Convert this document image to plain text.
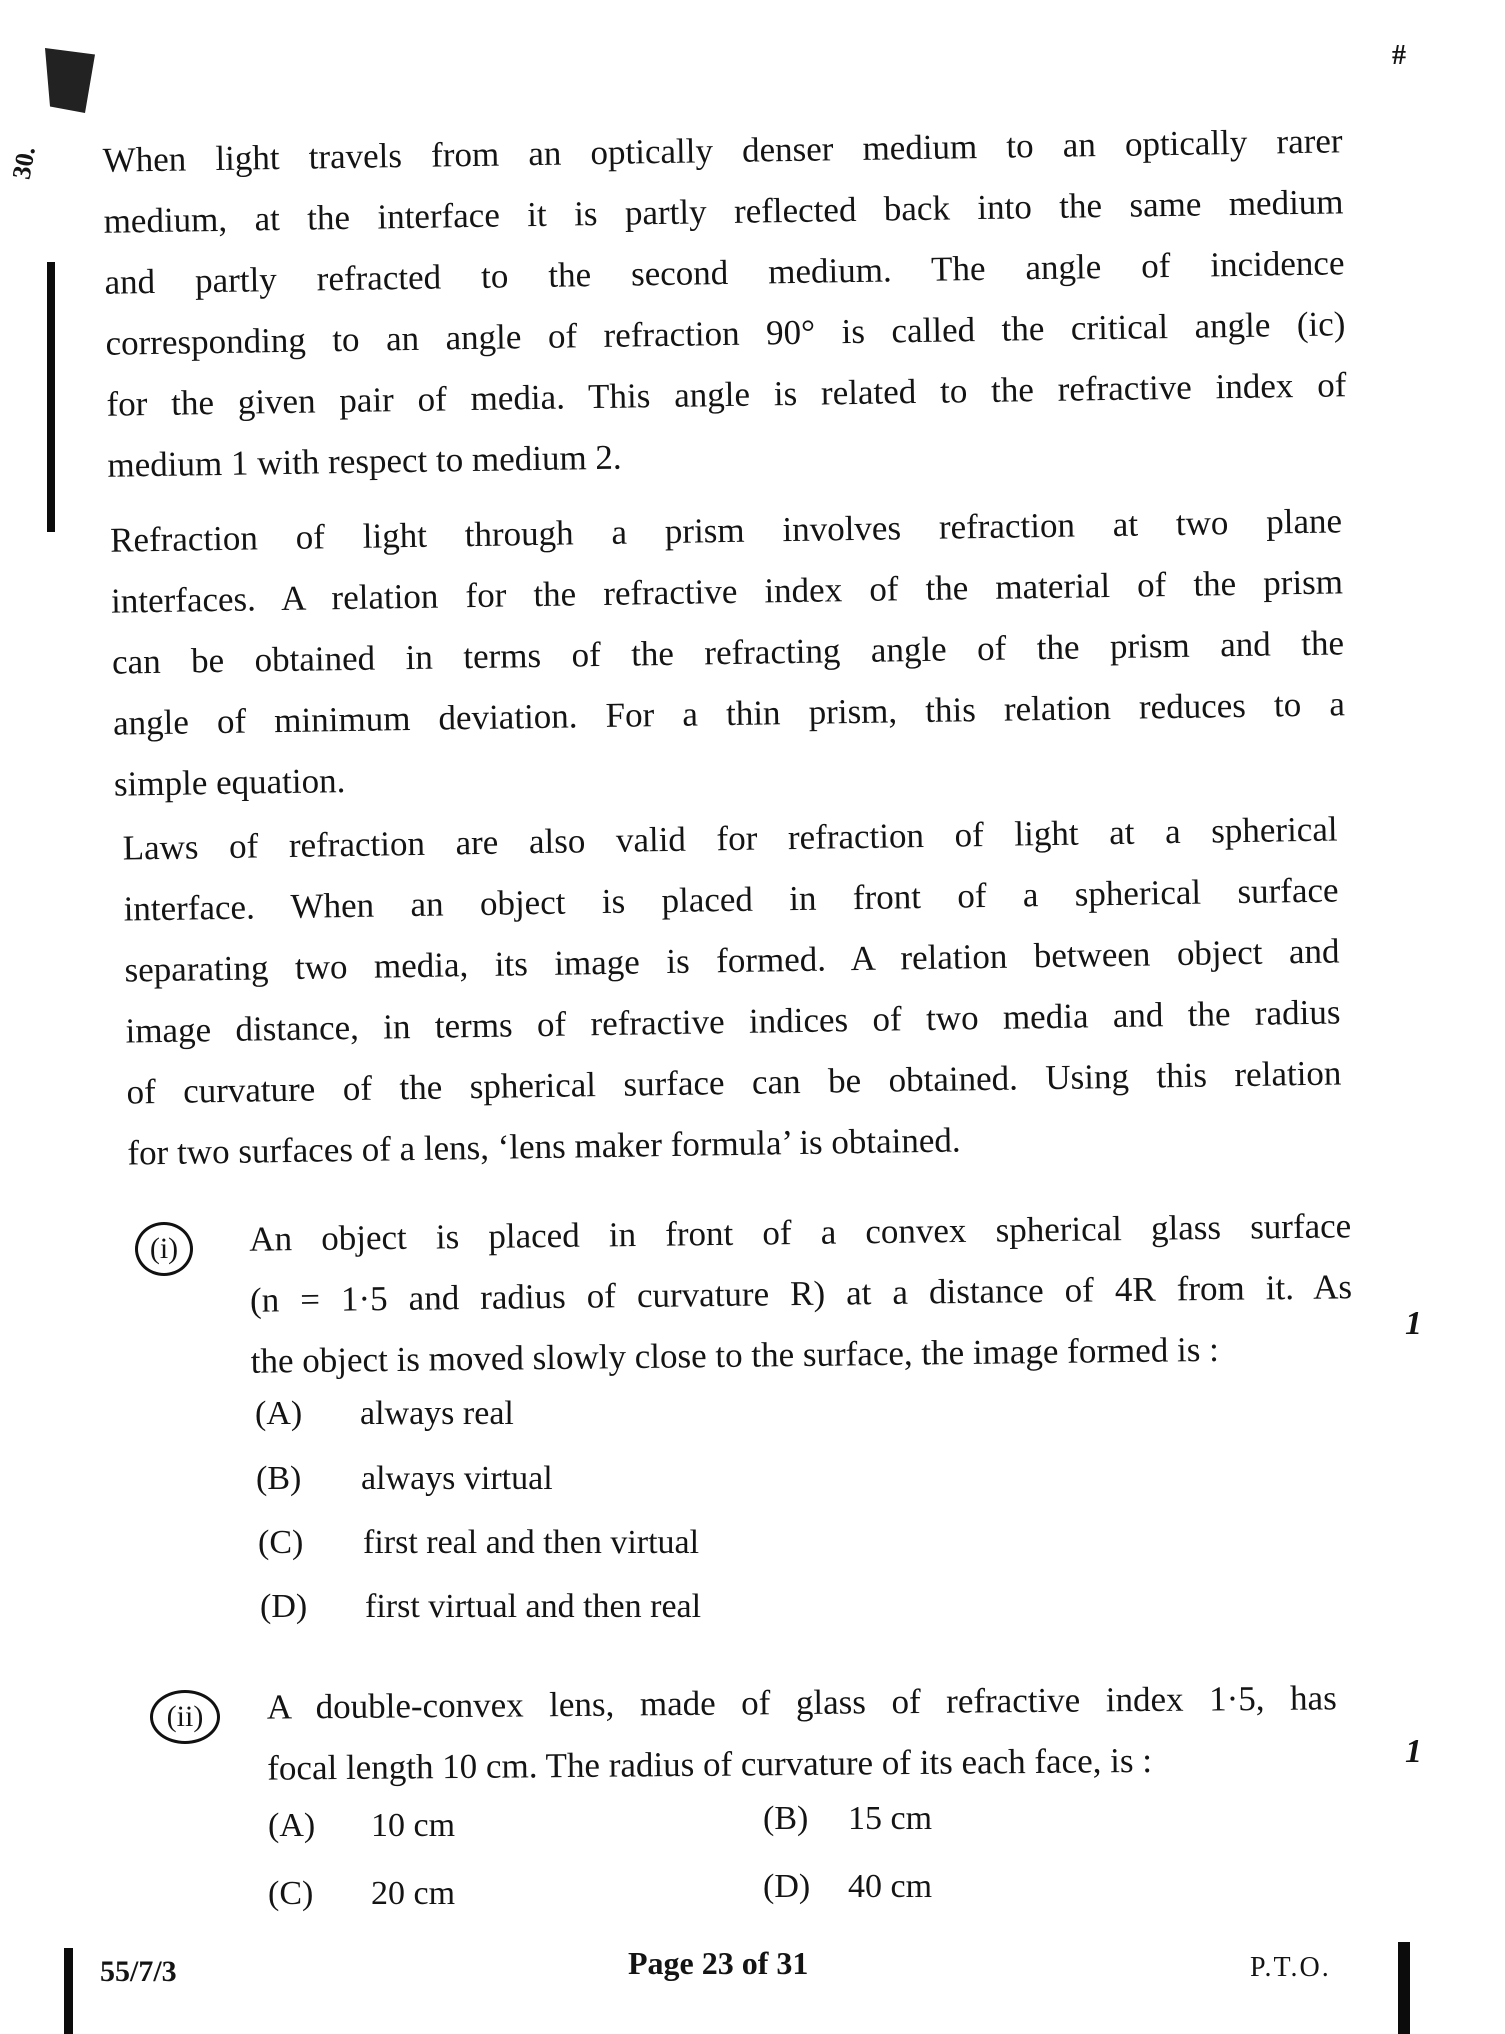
#
30. When light travels from an optically denser medium to an optically rarer
medium, at the interface it is partly reflected back into the same medium
and partly refracted to the second medium. The angle of incidence
corresponding to an angle of refraction 90° is called the critical angle (ic)
for the given pair of media. This angle is related to the refractive index of
medium 1 with respect to medium 2.
Refraction of light through a prism involves refraction at two plane
interfaces. A relation for the refractive index of the material of the prism
can be obtained in terms of the refracting angle of the prism and the
angle of minimum deviation. For a thin prism, this relation reduces to a
simple equation.
Laws of refraction are also valid for refraction of light at a spherical
interface. When an object is placed in front of a spherical surface
separating two media, its image is formed. A relation between object and
image distance, in terms of refractive indices of two media and the radius
of curvature of the spherical surface can be obtained. Using this relation
for two surfaces of a lens, ‘lens maker formula’ is obtained.
(i) An object is placed in front of a convex spherical glass surface
(n = 1·5 and radius of curvature R) at a distance of 4R from it. As
the object is moved slowly close to the surface, the image formed is :
1
(A) always real
(B) always virtual
(C) first real and then virtual
(D) first virtual and then real
(ii) A double-convex lens, made of glass of refractive index 1·5, has
focal length 10 cm. The radius of curvature of its each face, is :	1
(A) 10 cm	(B) 15 cm
(C) 20 cm	(D) 40 cm
55/7/3	Page 23 of 31	P.T.O.
